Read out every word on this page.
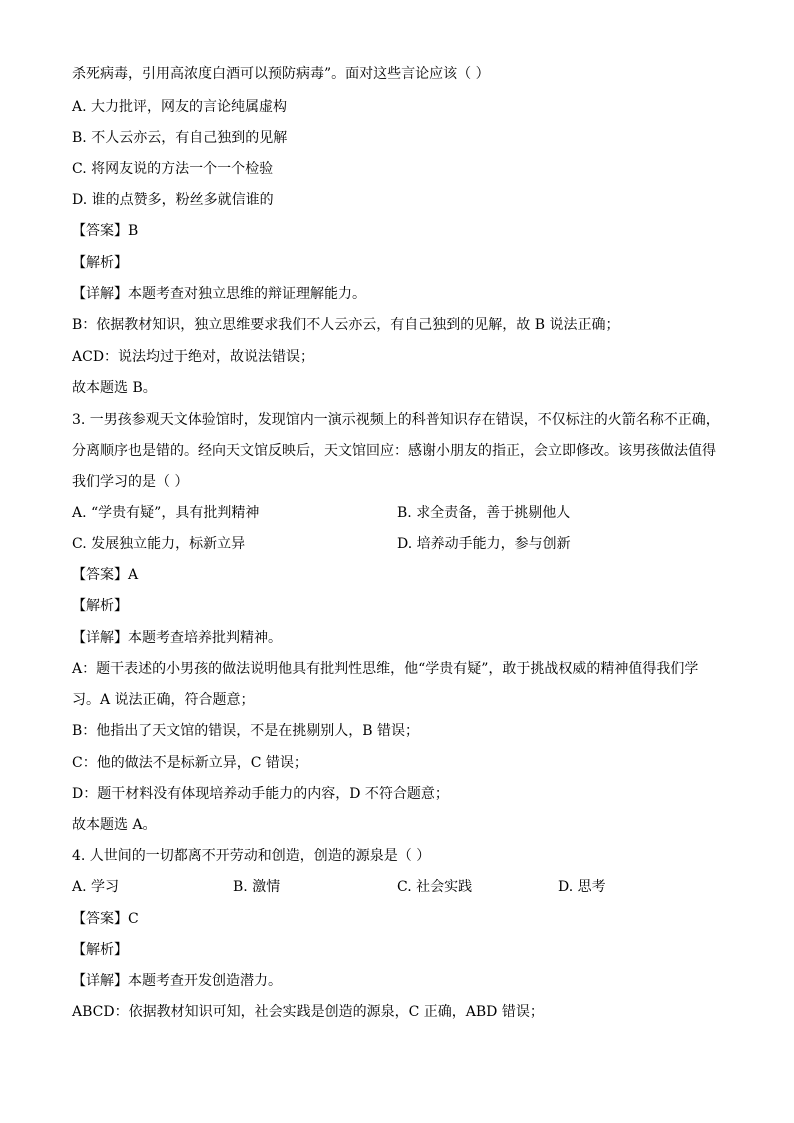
杀死病毒，引用高浓度白酒可以预防病毒”。面对这些言论应该（ ）
A. 大力批评，网友的言论纯属虚构
B. 不人云亦云，有自己独到的见解
C. 将网友说的方法一个一个检验
D. 谁的点赞多，粉丝多就信谁的
【答案】B
【解析】
【详解】本题考查对独立思维的辩证理解能力。
B：依据教材知识，独立思维要求我们不人云亦云，有自己独到的见解，故 B 说法正确；
ACD：说法均过于绝对，故说法错误；
故本题选 B。
3. 一男孩参观天文体验馆时，发现馆内一演示视频上的科普知识存在错误，不仅标注的火箭名称不正确，
分离顺序也是错的。经向天文馆反映后，天文馆回应：感谢小朋友的指正，会立即修改。该男孩做法值得
我们学习的是（ ）
A. “学贵有疑”，具有批判精神	B. 求全责备，善于挑剔他人
C. 发展独立能力，标新立异	D. 培养动手能力，参与创新
【答案】A
【解析】
【详解】本题考查培养批判精神。
A：题干表述的小男孩的做法说明他具有批判性思维，他“学贵有疑”，敢于挑战权威的精神值得我们学
习。A 说法正确，符合题意；
B：他指出了天文馆的错误，不是在挑剔别人，B 错误；
C：他的做法不是标新立异，C 错误；
D：题干材料没有体现培养动手能力的内容，D 不符合题意；
故本题选 A。
4. 人世间的一切都离不开劳动和创造，创造的源泉是（ ）
A. 学习	B. 激情	C. 社会实践	D. 思考
【答案】C
【解析】
【详解】本题考查开发创造潜力。
ABCD：依据教材知识可知，社会实践是创造的源泉，C 正确，ABD 错误；
